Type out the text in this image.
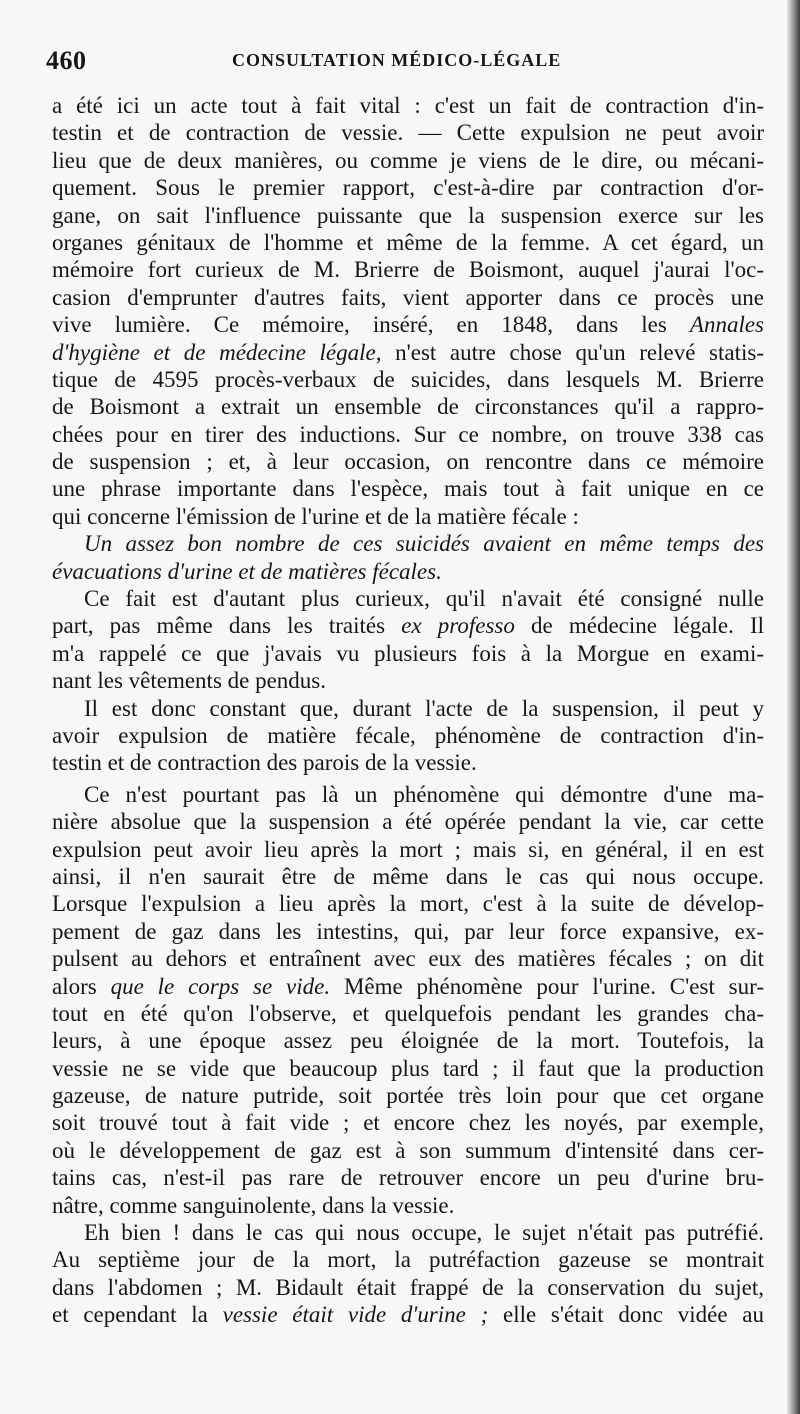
460	CONSULTATION MÉDICO-LÉGALE
a été ici un acte tout à fait vital : c'est un fait de contraction d'in-
testin et de contraction de vessie. — Cette expulsion ne peut avoir
lieu que de deux manières, ou comme je viens de le dire, ou mécani-
quement. Sous le premier rapport, c'est-à-dire par contraction d'or-
gane, on sait l'influence puissante que la suspension exerce sur les
organes génitaux de l'homme et même de la femme. A cet égard, un
mémoire fort curieux de M. Brierre de Boismont, auquel j'aurai l'oc-
casion d'emprunter d'autres faits, vient apporter dans ce procès une
vive lumière. Ce mémoire, inséré, en 1848, dans les Annales
d'hygiène et de médecine légale, n'est autre chose qu'un relevé statis-
tique de 4595 procès-verbaux de suicides, dans lesquels M. Brierre
de Boismont a extrait un ensemble de circonstances qu'il a rappro-
chées pour en tirer des inductions. Sur ce nombre, on trouve 338 cas
de suspension ; et, à leur occasion, on rencontre dans ce mémoire
une phrase importante dans l'espèce, mais tout à fait unique en ce
qui concerne l'émission de l'urine et de la matière fécale :
Un assez bon nombre de ces suicidés avaient en même temps des
évacuations d'urine et de matières fécales.
Ce fait est d'autant plus curieux, qu'il n'avait été consigné nulle
part, pas même dans les traités ex professo de médecine légale. Il
m'a rappelé ce que j'avais vu plusieurs fois à la Morgue en exami-
nant les vêtements de pendus.
Il est donc constant que, durant l'acte de la suspension, il peut y
avoir expulsion de matière fécale, phénomène de contraction d'in-
testin et de contraction des parois de la vessie.
Ce n'est pourtant pas là un phénomène qui démontre d'une ma-
nière absolue que la suspension a été opérée pendant la vie, car cette
expulsion peut avoir lieu après la mort ; mais si, en général, il en est
ainsi, il n'en saurait être de même dans le cas qui nous occupe.
Lorsque l'expulsion a lieu après la mort, c'est à la suite de dévelop-
pement de gaz dans les intestins, qui, par leur force expansive, ex-
pulsent au dehors et entraînent avec eux des matières fécales ; on dit
alors que le corps se vide. Même phénomène pour l'urine. C'est sur-
tout en été qu'on l'observe, et quelquefois pendant les grandes cha-
leurs, à une époque assez peu éloignée de la mort. Toutefois, la
vessie ne se vide que beaucoup plus tard ; il faut que la production
gazeuse, de nature putride, soit portée très loin pour que cet organe
soit trouvé tout à fait vide ; et encore chez les noyés, par exemple,
où le développement de gaz est à son summum d'intensité dans cer-
tains cas, n'est-il pas rare de retrouver encore un peu d'urine bru-
nâtre, comme sanguinolente, dans la vessie.
Eh bien ! dans le cas qui nous occupe, le sujet n'était pas putréfié.
Au septième jour de la mort, la putréfaction gazeuse se montrait
dans l'abdomen ; M. Bidault était frappé de la conservation du sujet,
et cependant la vessie était vide d'urine ; elle s'était donc vidée au
